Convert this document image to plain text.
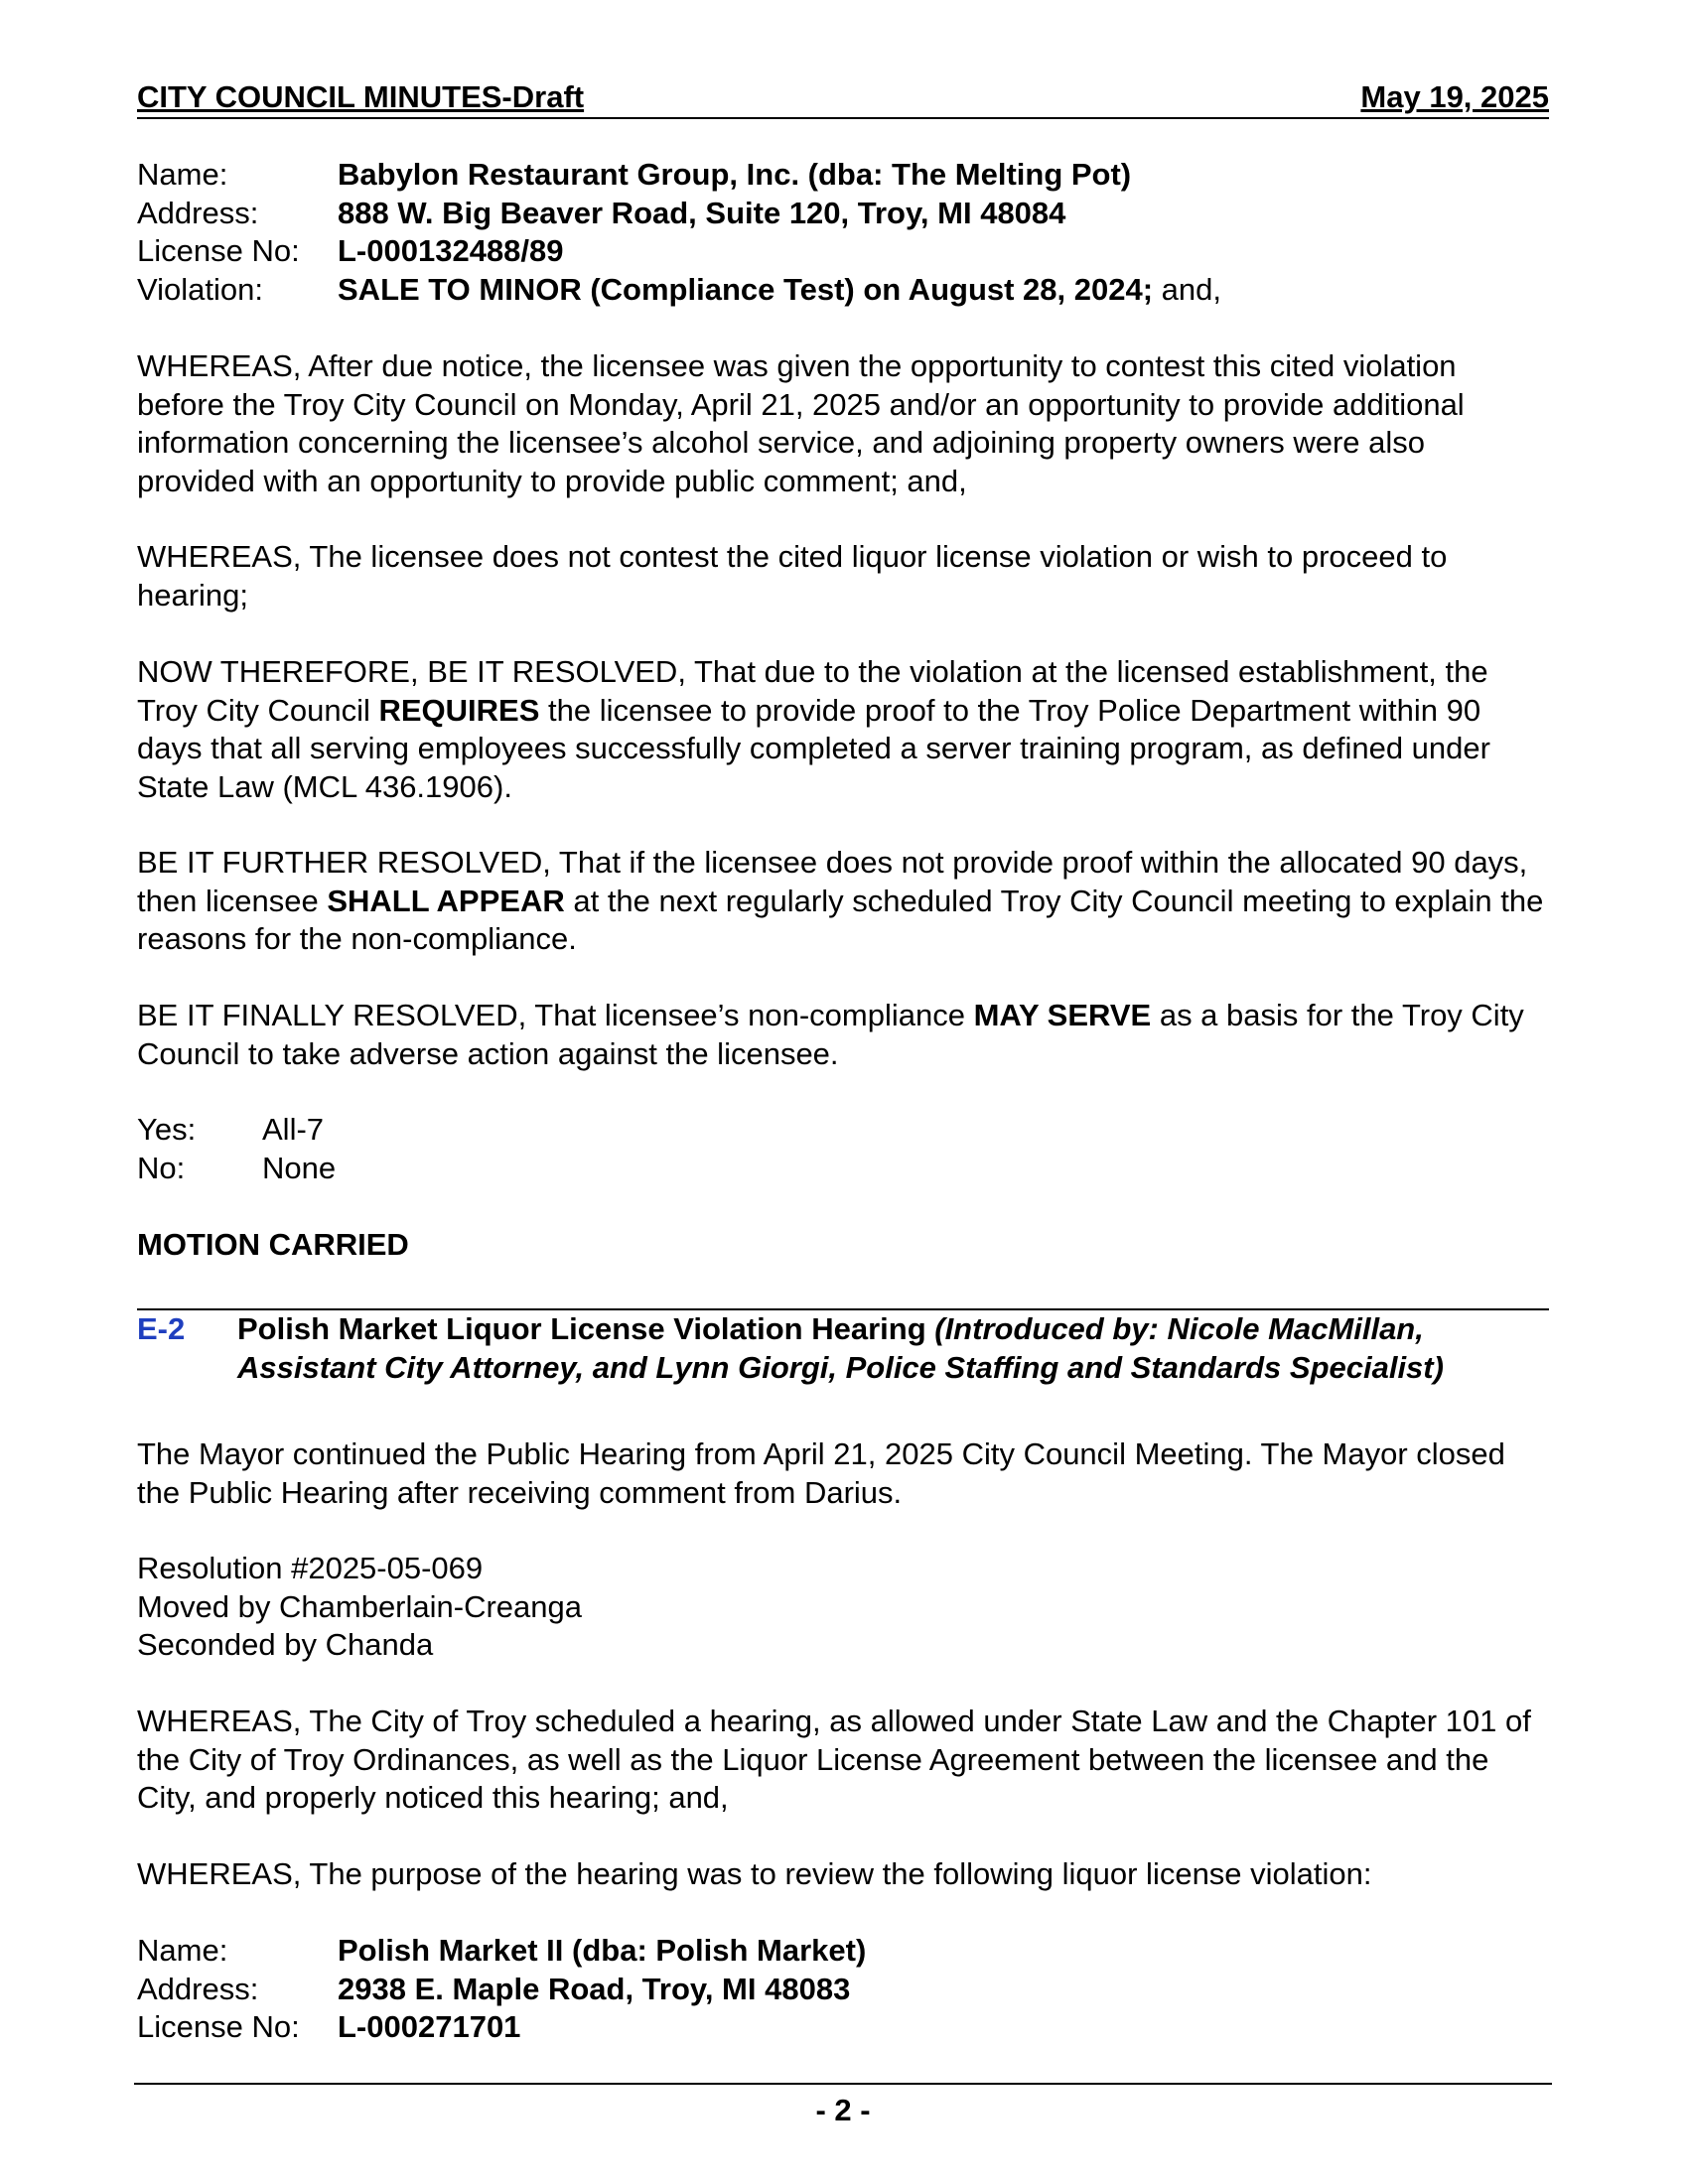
CITY COUNCIL MINUTES-Draft	May 19, 2025
Name:	Babylon Restaurant Group, Inc. (dba: The Melting Pot)
Address:	888 W. Big Beaver Road, Suite 120, Troy, MI 48084
License No:	L-000132488/89
Violation:	SALE TO MINOR (Compliance Test) on August 28, 2024; and,

WHEREAS, After due notice, the licensee was given the opportunity to contest this cited violation before the Troy City Council on Monday, April 21, 2025 and/or an opportunity to provide additional information concerning the licensee’s alcohol service, and adjoining property owners were also provided with an opportunity to provide public comment; and,

WHEREAS, The licensee does not contest the cited liquor license violation or wish to proceed to hearing;

NOW THEREFORE, BE IT RESOLVED, That due to the violation at the licensed establishment, the Troy City Council REQUIRES the licensee to provide proof to the Troy Police Department within 90 days that all serving employees successfully completed a server training program, as defined under State Law (MCL 436.1906).

BE IT FURTHER RESOLVED, That if the licensee does not provide proof within the allocated 90 days, then licensee SHALL APPEAR at the next regularly scheduled Troy City Council meeting to explain the reasons for the non-compliance.

BE IT FINALLY RESOLVED, That licensee’s non-compliance MAY SERVE as a basis for the Troy City Council to take adverse action against the licensee.

Yes:	All-7
No:	None

MOTION CARRIED

E-2 Polish Market Liquor License Violation Hearing (Introduced by: Nicole MacMillan, Assistant City Attorney, and Lynn Giorgi, Police Staffing and Standards Specialist)

The Mayor continued the Public Hearing from April 21, 2025 City Council Meeting. The Mayor closed the Public Hearing after receiving comment from Darius.

Resolution #2025-05-069
Moved by Chamberlain-Creanga
Seconded by Chanda

WHEREAS, The City of Troy scheduled a hearing, as allowed under State Law and the Chapter 101 of the City of Troy Ordinances, as well as the Liquor License Agreement between the licensee and the City, and properly noticed this hearing; and,

WHEREAS, The purpose of the hearing was to review the following liquor license violation:

Name:	Polish Market II (dba: Polish Market)
Address:	2938 E. Maple Road, Troy, MI 48083
License No:	L-000271701
- 2 -
